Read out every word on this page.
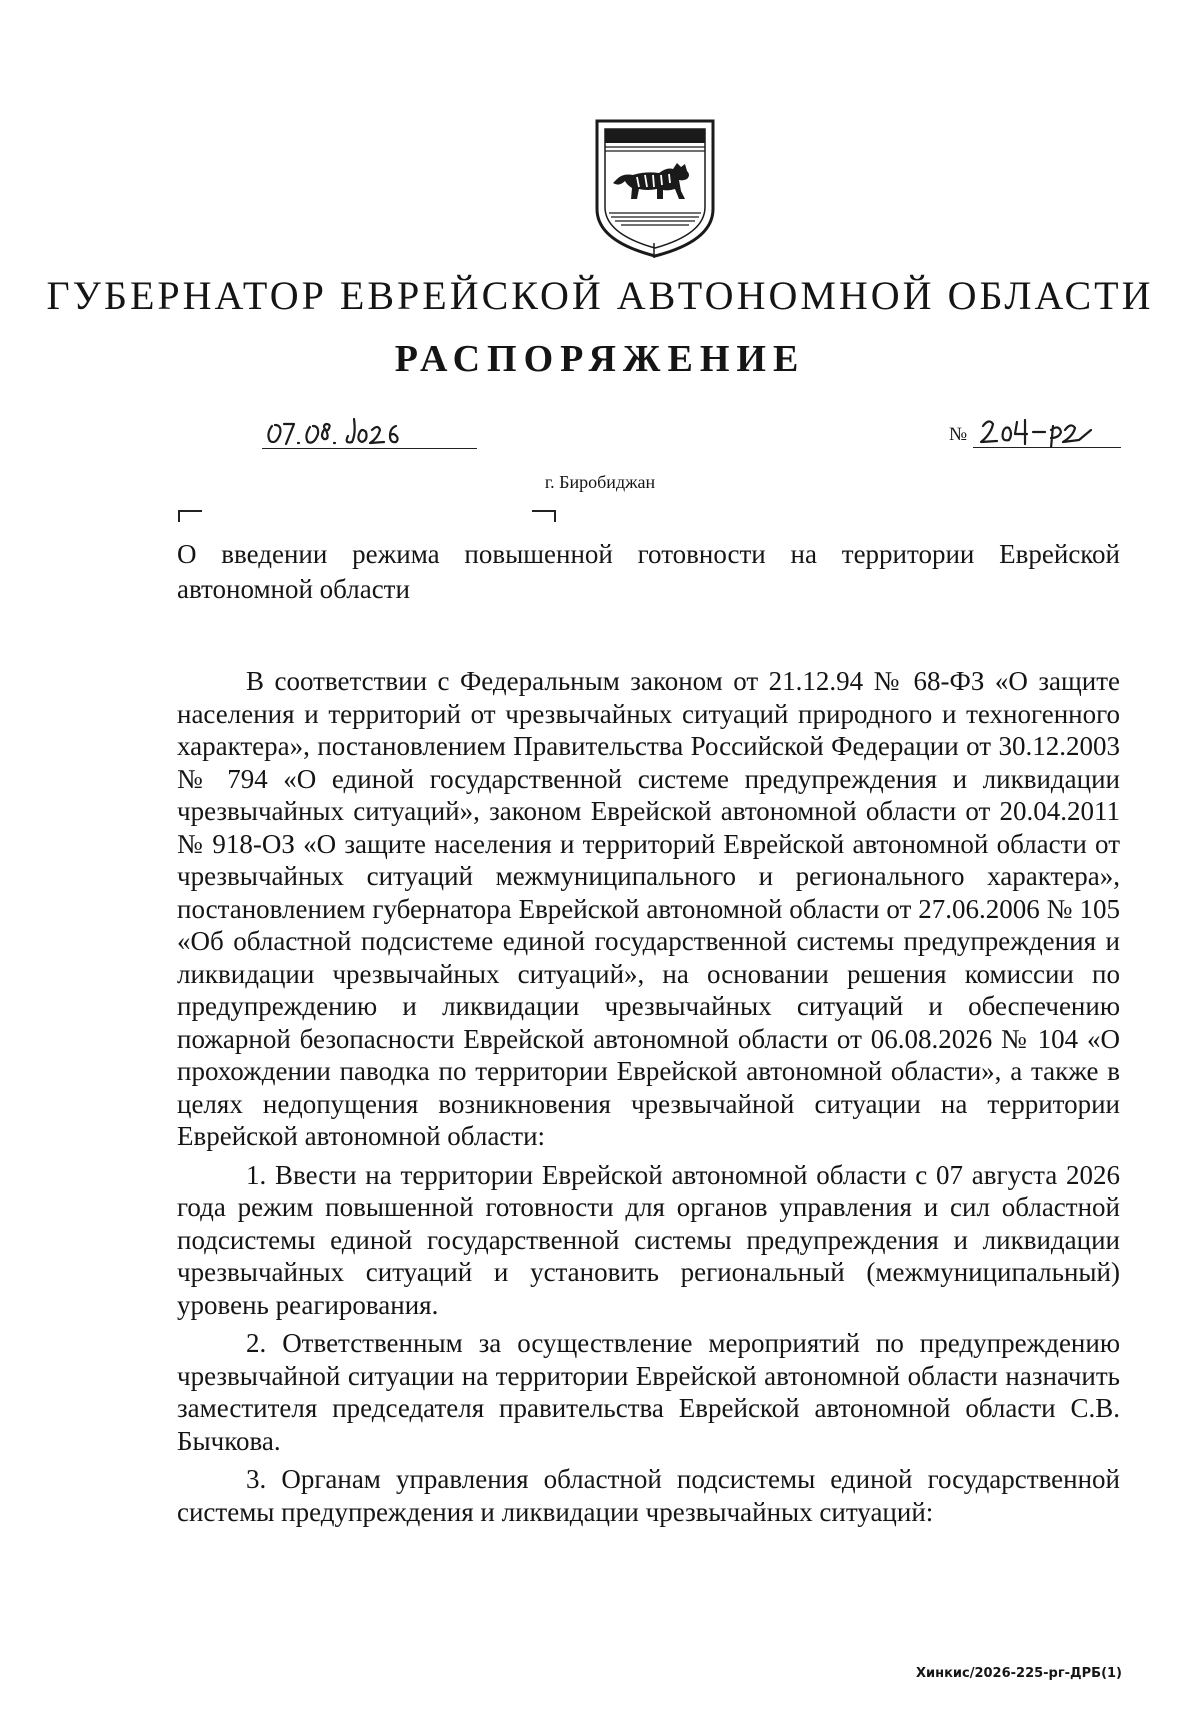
ГУБЕРНАТОР ЕВРЕЙСКОЙ АВТОНОМНОЙ ОБЛАСТИ
РАСПОРЯЖЕНИЕ
№
г. Биробиджан
О введении режима повышенной готовности на территории Еврейской автономной области

В соответствии с Федеральным законом от 21.12.94 № 68-ФЗ «О защите населения и территорий от чрезвычайных ситуаций природного и техногенного характера», постановлением Правительства Российской Федерации от 30.12.2003 № 794 «О единой государственной системе предупреждения и ликвидации чрезвычайных ситуаций», законом Еврейской автономной области от 20.04.2011 № 918-ОЗ «О защите населения и территорий Еврейской автономной области от чрезвычайных ситуаций межмуниципального и регионального характера», постановлением губернатора Еврейской автономной области от 27.06.2006 № 105 «Об областной подсистеме единой государственной системы предупреждения и ликвидации чрезвычайных ситуаций», на основании решения комиссии по предупреждению и ликвидации чрезвычайных ситуаций и обеспечению пожарной безопасности Еврейской автономной области от 06.08.2026 № 104 «О прохождении паводка по территории Еврейской автономной области», а также в целях недопущения возникновения чрезвычайной ситуации на территории Еврейской автономной области:

1. Ввести на территории Еврейской автономной области с 07 августа 2026 года режим повышенной готовности для органов управления и сил областной подсистемы единой государственной системы предупреждения и ликвидации чрезвычайных ситуаций и установить региональный (межмуниципальный) уровень реагирования.

2. Ответственным за осуществление мероприятий по предупреждению чрезвычайной ситуации на территории Еврейской автономной области назначить заместителя председателя правительства Еврейской автономной области С.В. Бычкова.

3. Органам управления областной подсистемы единой государственной системы предупреждения и ликвидации чрезвычайных ситуаций:

Хинкис/2026-225-рг-ДРБ(1)
